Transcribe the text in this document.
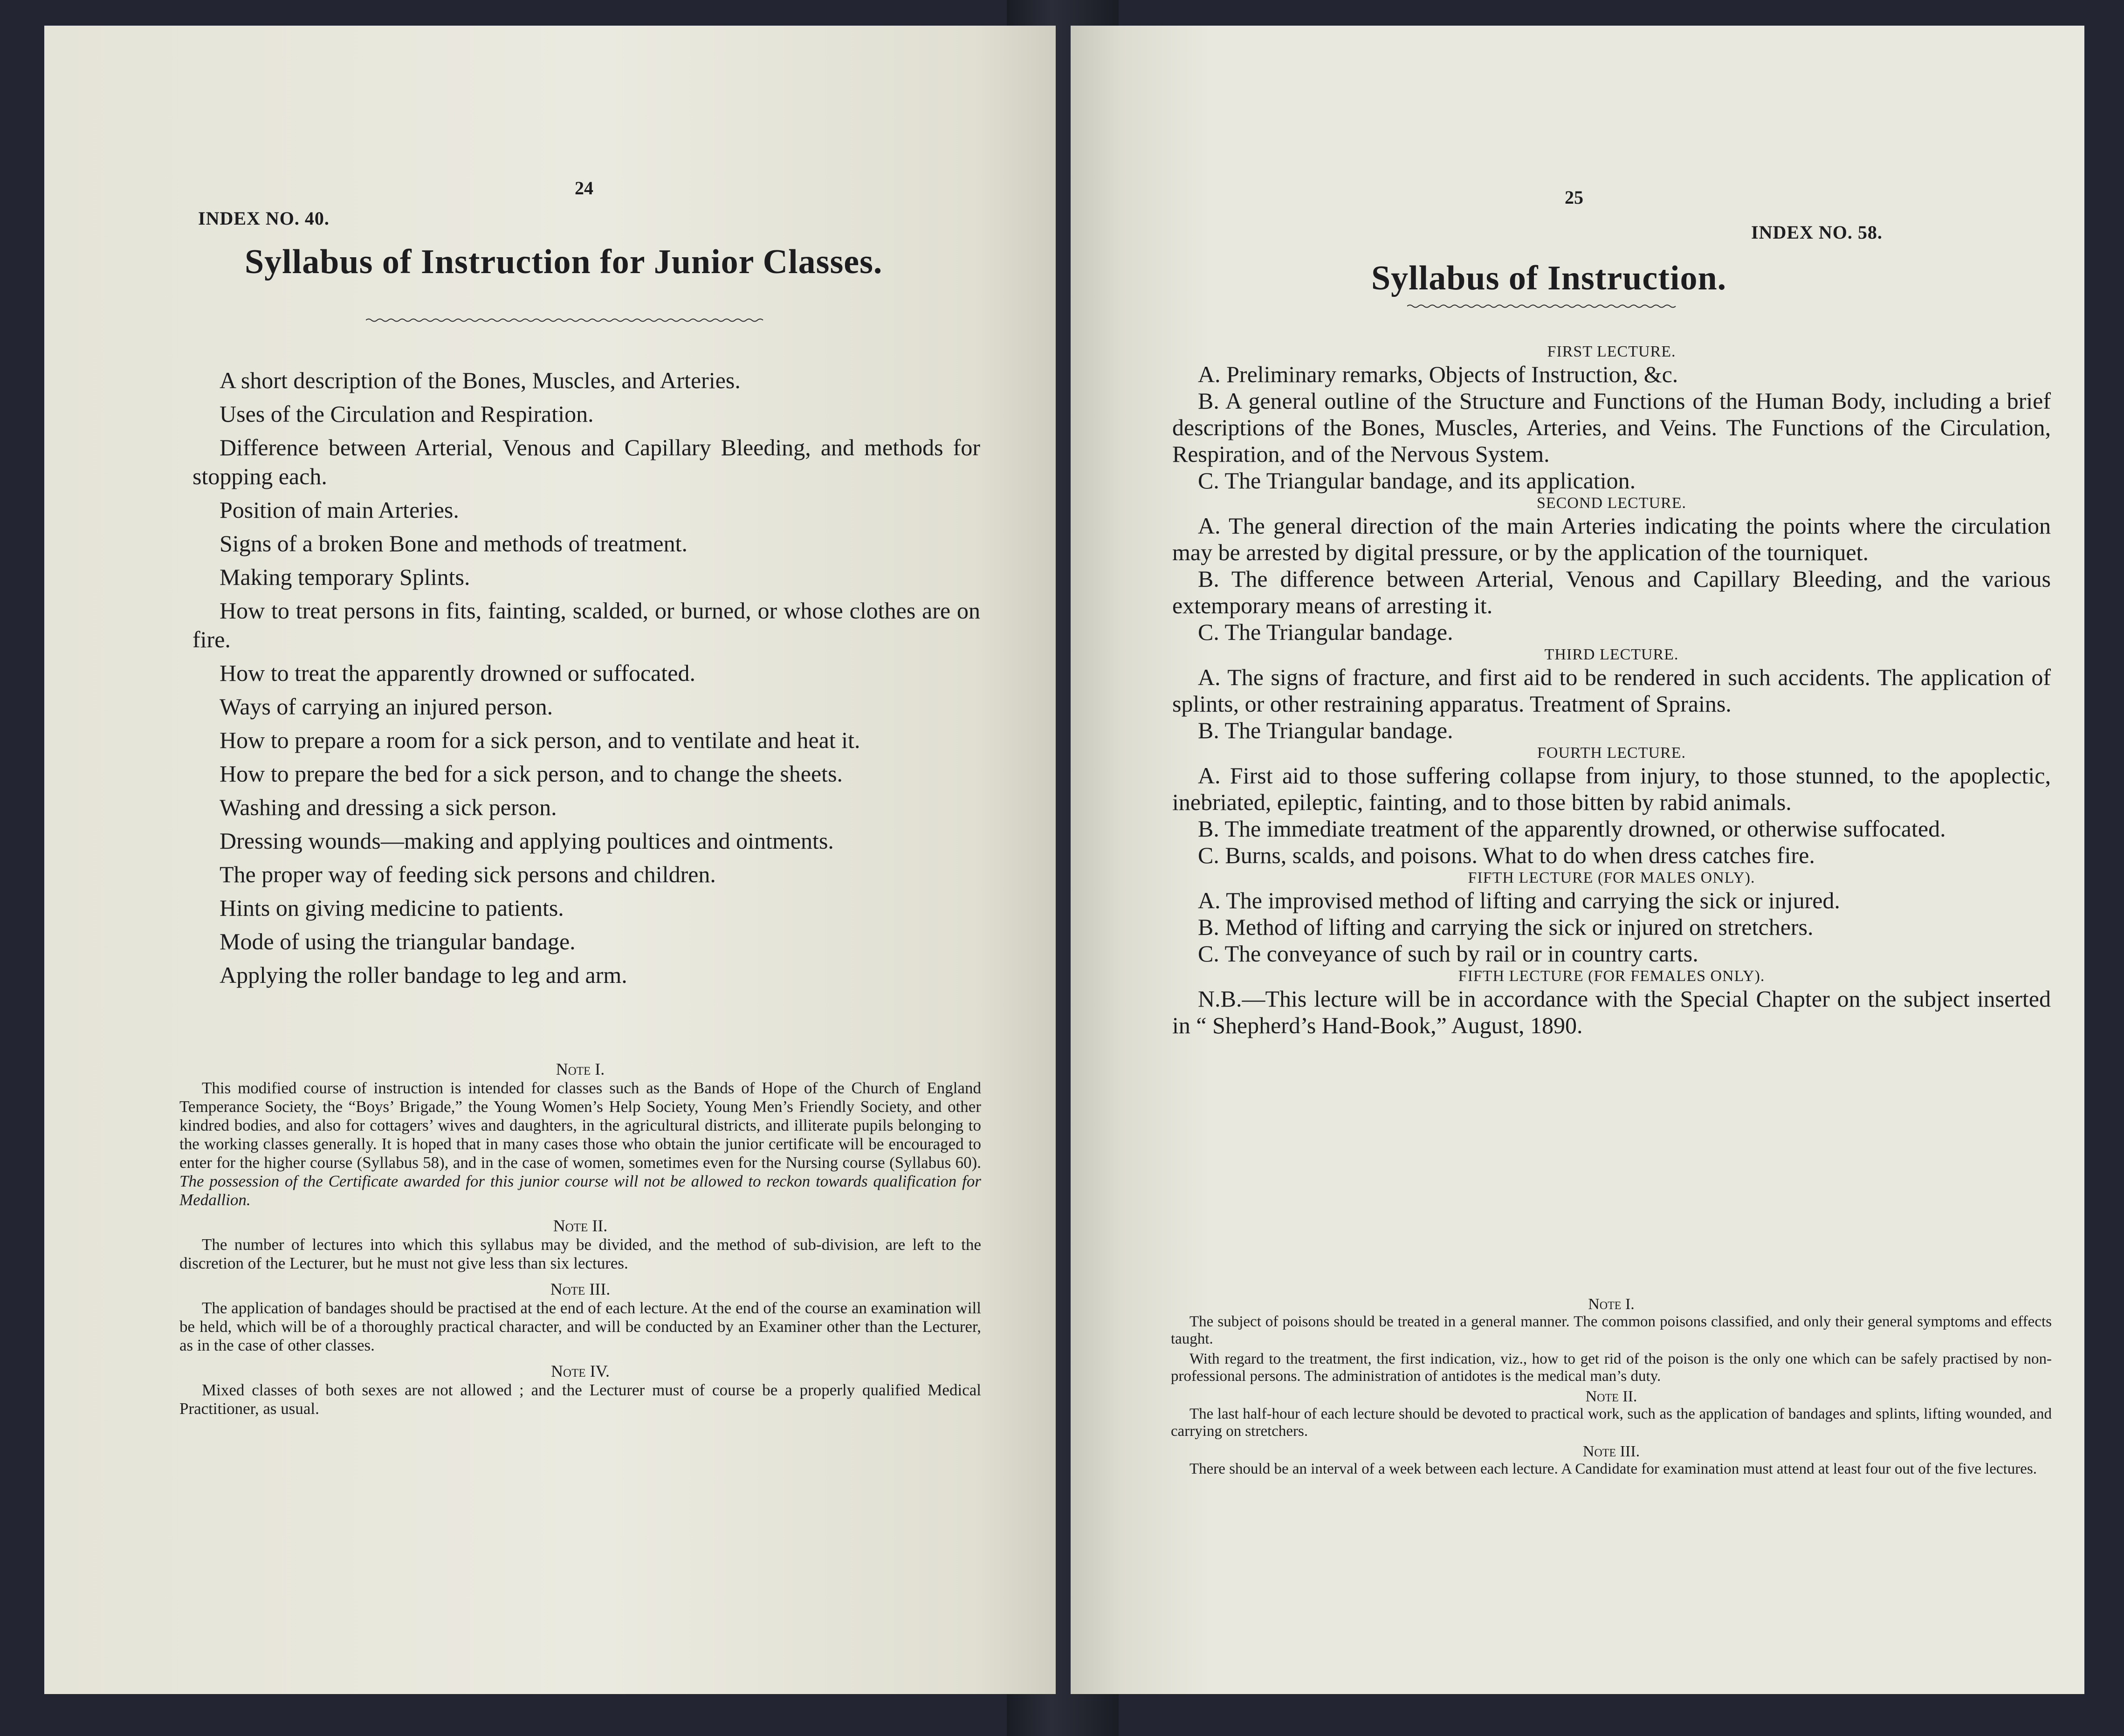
24
INDEX NO. 40.
Syllabus of Instruction for Junior Classes.

A short description of the Bones, Muscles, and Arteries.

Uses of the Circulation and Respiration.

Difference between Arterial, Venous and Capillary Bleeding, and methods for stopping each.

Position of main Arteries.

Signs of a broken Bone and methods of treatment.

Making temporary Splints.

How to treat persons in fits, fainting, scalded, or burned, or whose clothes are on fire.

How to treat the apparently drowned or suffocated.

Ways of carrying an injured person.

How to prepare a room for a sick person, and to ventilate and heat it.

How to prepare the bed for a sick person, and to change the sheets.

Washing and dressing a sick person.

Dressing wounds—making and applying poultices and ointments.

The proper way of feeding sick persons and children.

Hints on giving medicine to patients.

Mode of using the triangular bandage.

Applying the roller bandage to leg and arm.

Note I.

This modified course of instruction is intended for classes such as the Bands of Hope of the Church of England Temperance Society, the “Boys’ Brigade,” the Young Women’s Help Society, Young Men’s Friendly Society, and other kindred bodies, and also for cottagers’ wives and daughters, in the agricultural districts, and illiterate pupils belonging to the working classes generally. It is hoped that in many cases those who obtain the junior certificate will be encouraged to enter for the higher course (Syllabus 58), and in the case of women, sometimes even for the Nursing course (Syllabus 60). The possession of the Certificate awarded for this junior course will not be allowed to reckon towards qualification for Medallion.

Note II.

The number of lectures into which this syllabus may be divided, and the method of sub-division, are left to the discretion of the Lecturer, but he must not give less than six lectures.

Note III.

The application of bandages should be practised at the end of each lecture. At the end of the course an examination will be held, which will be of a thoroughly practical character, and will be conducted by an Examiner other than the Lecturer, as in the case of other classes.

Note IV.

Mixed classes of both sexes are not allowed ; and the Lecturer must of course be a properly qualified Medical Practitioner, as usual.

25
INDEX NO. 58.
Syllabus of Instruction.

FIRST LECTURE.

A. Preliminary remarks, Objects of Instruction, &c.

B. A general outline of the Structure and Functions of the Human Body, including a brief descriptions of the Bones, Muscles, Arteries, and Veins. The Functions of the Circulation, Respiration, and of the Nervous System.

C. The Triangular bandage, and its application.

SECOND LECTURE.

A. The general direction of the main Arteries indicating the points where the circulation may be arrested by digital pressure, or by the application of the tourniquet.

B. The difference between Arterial, Venous and Capillary Bleeding, and the various extemporary means of arresting it.

C. The Triangular bandage.

THIRD LECTURE.

A. The signs of fracture, and first aid to be rendered in such accidents. The application of splints, or other restraining apparatus. Treatment of Sprains.

B. The Triangular bandage.

FOURTH LECTURE.

A. First aid to those suffering collapse from injury, to those stunned, to the apoplectic, inebriated, epileptic, fainting, and to those bitten by rabid animals.

B. The immediate treatment of the apparently drowned, or otherwise suffocated.

C. Burns, scalds, and poisons. What to do when dress catches fire.

FIFTH LECTURE (FOR MALES ONLY).

A. The improvised method of lifting and carrying the sick or injured.

B. Method of lifting and carrying the sick or injured on stretchers.

C. The conveyance of such by rail or in country carts.

FIFTH LECTURE (FOR FEMALES ONLY).

N.B.—This lecture will be in accordance with the Special Chapter on the subject inserted in “ Shepherd’s Hand-Book,” August, 1890.

Note I.

The subject of poisons should be treated in a general manner. The common poisons classified, and only their general symptoms and effects taught.

With regard to the treatment, the first indication, viz., how to get rid of the poison is the only one which can be safely practised by non-professional persons. The administration of antidotes is the medical man’s duty.

Note II.

The last half-hour of each lecture should be devoted to practical work, such as the application of bandages and splints, lifting wounded, and carrying on stretchers.

Note III.

There should be an interval of a week between each lecture. A Candidate for examination must attend at least four out of the five lectures.
